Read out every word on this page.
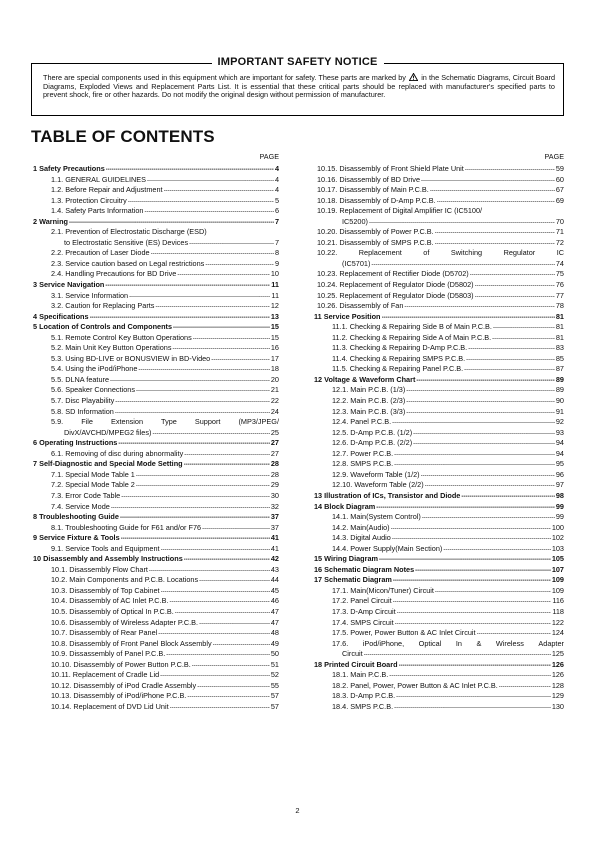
IMPORTANT SAFETY NOTICE
There are special components used in this equipment which are important for safety. These parts are marked by in the Schematic Diagrams, Circuit Board Diagrams, Exploded Views and Replacement Parts List. It is essential that these critical parts should be replaced with manufacturer's specified parts to prevent shock, fire or other hazards. Do not modify the original design without permission of manufacturer.
TABLE OF CONTENTS
PAGE
1 Safety Precautions -----	4
1.1. GENERAL GUIDELINES -----	4
1.2. Before Repair and Adjustment -----	4
1.3. Protection Circuitry -----	5
1.4. Safety Parts Information -----	6
2 Warning -----	7
2.1. Prevention of Electrostatic Discharge (ESD)
to Electrostatic Sensitive (ES) Devices -----	7
2.2. Precaution of Laser Diode -----	8
2.3. Service caution based on Legal restrictions -----	9
2.4. Handling Precautions for BD Drive -----	10
3 Service Navigation -----	11
3.1. Service Information -----	11
3.2. Caution for Replacing Parts -----	12
4 Specifications -----	13
5 Location of Controls and Components -----	15
5.1. Remote Control Key Button Operations -----	15
5.2. Main Unit Key Button Operations -----	16
5.3. Using BD-LIVE or BONUSVIEW in BD-Video -----	17
5.4. Using the iPod/iPhone -----	18
5.5. DLNA feature -----	20
5.6. Speaker Connections -----	21
5.7. Disc Playability -----	22
5.8. SD Information -----	24
5.9. File Extension Type Support (MP3/JPEG/
DivX/AVCHD/MPEG2 files) -----	25
6 Operating Instructions -----	27
6.1. Removing of disc during abnormality -----	27
7 Self-Diagnostic and Special Mode Setting -----	28
7.1. Special Mode Table 1 -----	28
7.2. Special Mode Table 2 -----	29
7.3. Error Code Table -----	30
7.4. Service Mode -----	32
8 Troubleshooting Guide -----	37
8.1. Troubleshooting Guide for F61 and/or F76 -----	37
9 Service Fixture & Tools -----	41
9.1. Service Tools and Equipment -----	41
10 Disassembly and Assembly Instructions -----	42
10.1. Disassembly Flow Chart -----	43
10.2. Main Components and P.C.B. Locations -----	44
10.3. Disassembly of Top Cabinet -----	45
10.4. Disassembly of AC Inlet P.C.B. -----	46
10.5. Disassembly of Optical In P.C.B. -----	47
10.6. Disassembly of Wireless Adapter P.C.B. -----	47
10.7. Disassembly of Rear Panel -----	48
10.8. Disassembly of Front Panel Block Assembly -----	49
10.9. Dissassembly of Panel P.C.B. -----	50
10.10. Disassembly of Power Button P.C.B. -----	51
10.11. Replacement of Cradle Lid -----	52
10.12. Disassembly of iPod Cradle Assembly -----	55
10.13. Disassembly of iPod/iPhone P.C.B. -----	57
10.14. Replacement of DVD Lid Unit -----	57
PAGE
10.15. Disassembly of Front Shield Plate Unit -----	59
10.16. Disassembly of BD Drive -----	60
10.17. Disassembly of Main P.C.B. -----	67
10.18. Disassembly of D-Amp P.C.B. -----	69
10.19. Replacement of Digital Amplifier IC (IC5100/
IC5200) -----	70
10.20. Disassembly of Power P.C.B. -----	71
10.21. Disassembly of SMPS P.C.B. -----	72
10.22.	Replacement	of	Switching	Regulator	IC
(IC5701) -----	74
10.23. Replacement of Rectifier Diode (D5702) -----	75
10.24. Replacement of Regulator Diode (D5802) -----	76
10.25. Replacement of Regulator Diode (D5803) -----	77
10.26. Disassembly of Fan -----	78
11 Service Position -----	81
11.1. Checking & Repairing Side B of Main P.C.B. -----	81
11.2. Checking & Repairing Side A of Main P.C.B. -----	81
11.3. Checking & Repairing D-Amp P.C.B. -----	83
11.4. Checking & Repairing SMPS P.C.B. -----	85
11.5. Checking & Repairing Panel P.C.B. -----	87
12 Voltage & Waveform Chart -----	89
12.1. Main P.C.B. (1/3) -----	89
12.2. Main P.C.B. (2/3) -----	90
12.3. Main P.C.B. (3/3) -----	91
12.4. Panel P.C.B. -----	92
12.5. D-Amp P.C.B. (1/2) -----	93
12.6. D-Amp P.C.B. (2/2) -----	94
12.7. Power P.C.B. -----	94
12.8. SMPS P.C.B. -----	95
12.9. Waveform Table (1/2) -----	96
12.10. Waveform Table (2/2) -----	97
13 Illustration of ICs, Transistor and Diode -----	98
14 Block Diagram -----	99
14.1. Main(System Control) -----	99
14.2. Main(Audio) -----	100
14.3. Digital Audio -----	102
14.4. Power Supply(Main Section) -----	103
15 Wiring Diagram -----	105
16 Schematic Diagram Notes -----	107
17 Schematic Diagram -----	109
17.1. Main(Micon/Tuner) Circuit -----	109
17.2. Panel Circuit -----	116
17.3. D-Amp Circuit -----	118
17.4. SMPS Circuit -----	122
17.5. Power, Power Button & AC Inlet Circuit -----	124
17.6. iPod/iPhone, Optical In & Wireless Adapter
Circuit -----	125
18 Printed Circuit Board -----	126
18.1. Main P.C.B. -----	126
18.2. Panel, Power, Power Button & AC Inlet P.C.B. -----	128
18.3. D-Amp P.C.B. -----	129
18.4. SMPS P.C.B. -----	130
2
